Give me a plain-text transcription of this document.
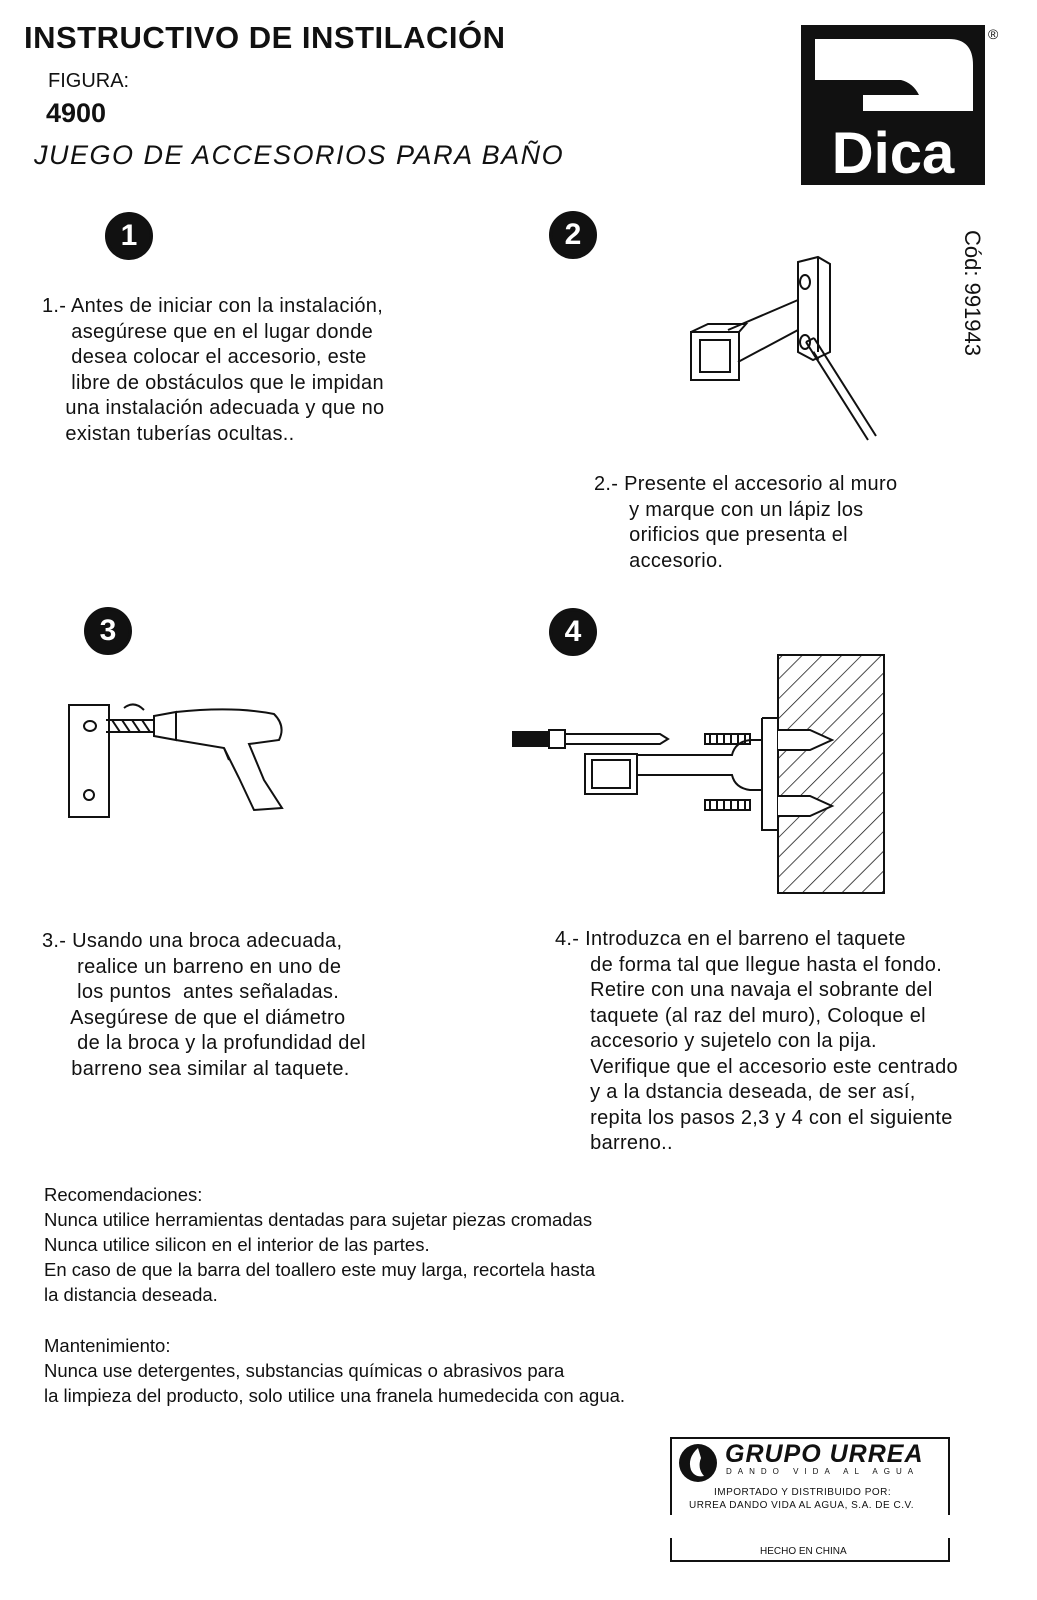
INSTRUCTIVO DE INSTILACIÓN
FIGURA:
4900
JUEGO DE ACCESORIOS PARA BAÑO	Dica
®
Cód: 991943
1	2
3	4
1.- Antes de iniciar con la instalación,
asegúrese que en el lugar donde
desea colocar el accesorio, este
libre de obstáculos que le impidan
una instalación adecuada y que no
existan tuberías ocultas..
2.- Presente el accesorio al muro
y marque con un lápiz los
orificios que presenta el
accesorio.
3.- Usando una broca adecuada,
realice un barreno en uno de
los puntos  antes señaladas.
Asegúrese de que el diámetro
de la broca y la profundidad del
barreno sea similar al taquete.
4.- Introduzca en el barreno el taquete
de forma tal que llegue hasta el fondo.
Retire con una navaja el sobrante del
taquete (al raz del muro), Coloque el
accesorio y sujetelo con la pija.
Verifique que el accesorio este centrado
y a la dstancia deseada, de ser así,
repita los pasos 2,3 y 4 con el siguiente
barreno..
Recomendaciones:
Nunca utilice herramientas dentadas para sujetar piezas cromadas
Nunca utilice silicon en el interior de las partes.
En caso de que la barra del toallero este muy larga, recortela hasta
la distancia deseada.
Mantenimiento:
Nunca use detergentes, substancias químicas o abrasivos para
la limpieza del producto, solo utilice una franela humedecida con agua.
GRUPO URREA
DANDO VIDA AL AGUA
IMPORTADO Y DISTRIBUIDO POR:
URREA DANDO VIDA AL AGUA, S.A. DE C.V.
HECHO EN CHINA
